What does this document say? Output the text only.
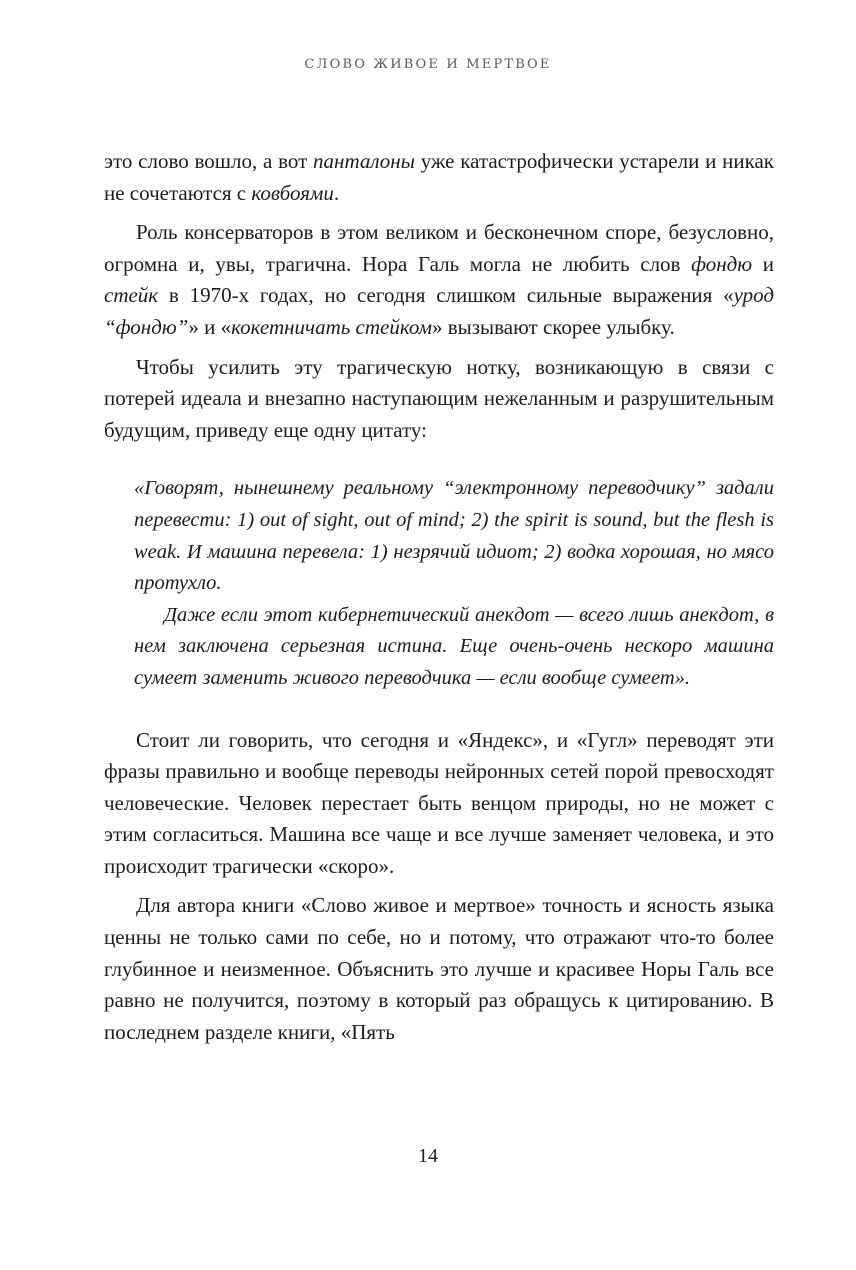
СЛОВО ЖИВОЕ И МЕРТВОЕ

это слово вошло, а вот панталоны уже катастрофически устарели и никак не сочетаются с ковбоями.

Роль консерваторов в этом великом и бесконечном споре, безусловно, огромна и, увы, трагична. Нора Галь могла не любить слов фондю и стейк в 1970-х годах, но сегодня слишком сильные выражения «урод “фондю”» и «кокетничать стейком» вызывают скорее улыбку.

Чтобы усилить эту трагическую нотку, возникающую в связи с потерей идеала и внезапно наступающим нежеланным и разрушительным будущим, приведу еще одну цитату:

«Говорят, нынешнему реальному “электронному переводчику” задали перевести: 1) out of sight, out of mind; 2) the spirit is sound, but the flesh is weak. И машина перевела: 1) незрячий идиот; 2) водка хорошая, но мясо протухло.

Даже если этот кибернетический анекдот — всего лишь анекдот, в нем заключена серьезная истина. Еще очень-очень нескоро машина сумеет заменить живого переводчика — если вообще сумеет».

Стоит ли говорить, что сегодня и «Яндекс», и «Гугл» переводят эти фразы правильно и вообще переводы нейронных сетей порой превосходят человеческие. Человек перестает быть венцом природы, но не может с этим согласиться. Машина все чаще и все лучше заменяет человека, и это происходит трагически «скоро».

Для автора книги «Слово живое и мертвое» точность и ясность языка ценны не только сами по себе, но и потому, что отражают что-то более глубинное и неизменное. Объяснить это лучше и красивее Норы Галь все равно не получится, поэтому в который раз обращусь к цитированию. В последнем разделе книги, «Пять

14
